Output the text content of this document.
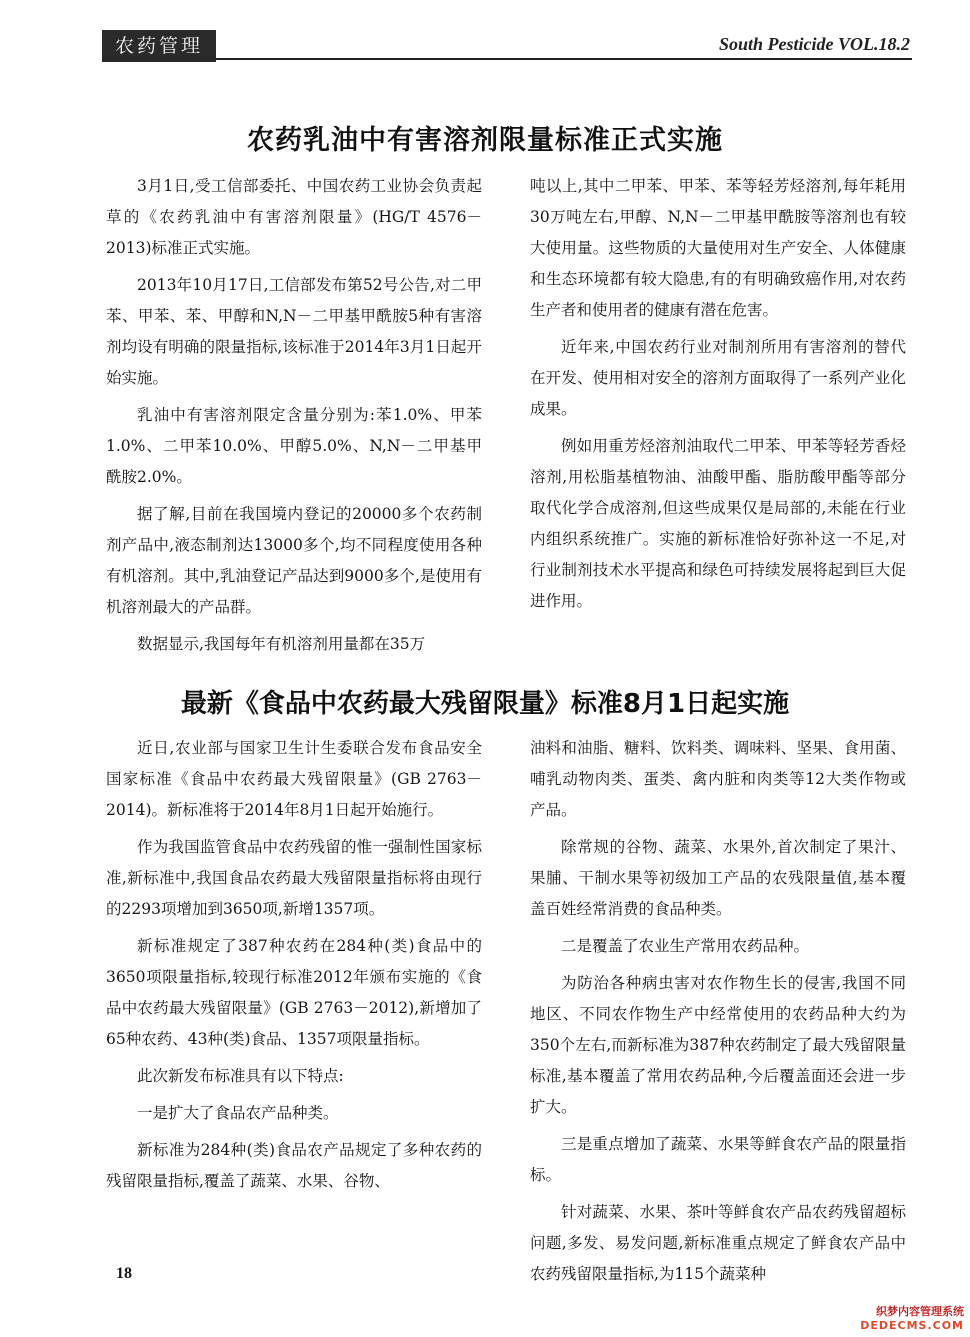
农药管理	South Pesticide VOL.18.2
农药乳油中有害溶剂限量标准正式实施

3月1日,受工信部委托、中国农药工业协会负责起草的《农药乳油中有害溶剂限量》(HG/T 4576－2013)标准正式实施。

2013年10月17日,工信部发布第52号公告,对二甲苯、甲苯、苯、甲醇和N,N－二甲基甲酰胺5种有害溶剂均设有明确的限量指标,该标准于2014年3月1日起开始实施。

乳油中有害溶剂限定含量分别为:苯1.0%、甲苯1.0%、二甲苯10.0%、甲醇5.0%、N,N－二甲基甲酰胺2.0%。

据了解,目前在我国境内登记的20000多个农药制剂产品中,液态制剂达13000多个,均不同程度使用各种有机溶剂。其中,乳油登记产品达到9000多个,是使用有机溶剂最大的产品群。

数据显示,我国每年有机溶剂用量都在35万

吨以上,其中二甲苯、甲苯、苯等轻芳烃溶剂,每年耗用30万吨左右,甲醇、N,N－二甲基甲酰胺等溶剂也有较大使用量。这些物质的大量使用对生产安全、人体健康和生态环境都有较大隐患,有的有明确致癌作用,对农药生产者和使用者的健康有潜在危害。

近年来,中国农药行业对制剂所用有害溶剂的替代在开发、使用相对安全的溶剂方面取得了一系列产业化成果。

例如用重芳烃溶剂油取代二甲苯、甲苯等轻芳香烃溶剂,用松脂基植物油、油酸甲酯、脂肪酸甲酯等部分取代化学合成溶剂,但这些成果仅是局部的,未能在行业内组织系统推广。实施的新标准恰好弥补这一不足,对行业制剂技术水平提高和绿色可持续发展将起到巨大促进作用。

最新《食品中农药最大残留限量》标准8月1日起实施

近日,农业部与国家卫生计生委联合发布食品安全国家标准《食品中农药最大残留限量》(GB 2763－2014)。新标准将于2014年8月1日起开始施行。

作为我国监管食品中农药残留的惟一强制性国家标准,新标准中,我国食品农药最大残留限量指标将由现行的2293项增加到3650项,新增1357项。

新标准规定了387种农药在284种(类)食品中的3650项限量指标,较现行标准2012年颁布实施的《食品中农药最大残留限量》(GB 2763－2012),新增加了65种农药、43种(类)食品、1357项限量指标。

此次新发布标准具有以下特点:

一是扩大了食品农产品种类。

新标准为284种(类)食品农产品规定了多种农药的残留限量指标,覆盖了蔬菜、水果、谷物、

油料和油脂、糖料、饮料类、调味料、坚果、食用菌、哺乳动物肉类、蛋类、禽内脏和肉类等12大类作物或产品。

除常规的谷物、蔬菜、水果外,首次制定了果汁、果脯、干制水果等初级加工产品的农残限量值,基本覆盖百姓经常消费的食品种类。

二是覆盖了农业生产常用农药品种。

为防治各种病虫害对农作物生长的侵害,我国不同地区、不同农作物生产中经常使用的农药品种大约为350个左右,而新标准为387种农药制定了最大残留限量标准,基本覆盖了常用农药品种,今后覆盖面还会进一步扩大。

三是重点增加了蔬菜、水果等鲜食农产品的限量指标。

针对蔬菜、水果、茶叶等鲜食农产品农药残留超标问题,多发、易发问题,新标准重点规定了鲜食农产品中农药残留限量指标,为115个蔬菜种

18
织梦内容管理系统
DEDECMS.COM
